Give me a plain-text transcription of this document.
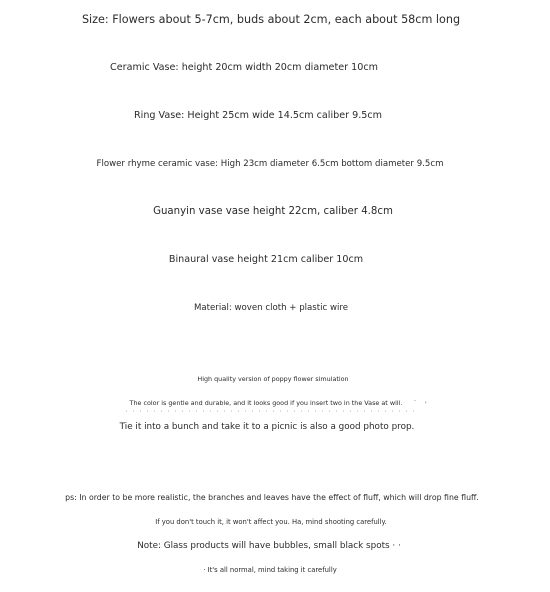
Size: Flowers about 5-7cm, buds about 2cm, each about 58cm long
Ceramic Vase: height 20cm width 20cm diameter 10cm
Ring Vase: Height 25cm wide 14.5cm caliber 9.5cm
Flower rhyme ceramic vase: High 23cm diameter 6.5cm bottom diameter 9.5cm
Guanyin vase vase height 22cm, caliber 4.8cm
Binaural vase height 21cm caliber 10cm
Material: woven cloth + plastic wire
High quality version of poppy flower simulation
The color is gentle and durable, and it looks good if you insert two in the Vase at will. · '
Tie it into a bunch and take it to a picnic is also a good photo prop.
ps: In order to be more realistic, the branches and leaves have the effect of fluff, which will drop fine fluff.
If you don't touch it, it won't affect you. Ha, mind shooting carefully.
Note: Glass products will have bubbles, small black spots · ·
· It's all normal, mind taking it carefully
